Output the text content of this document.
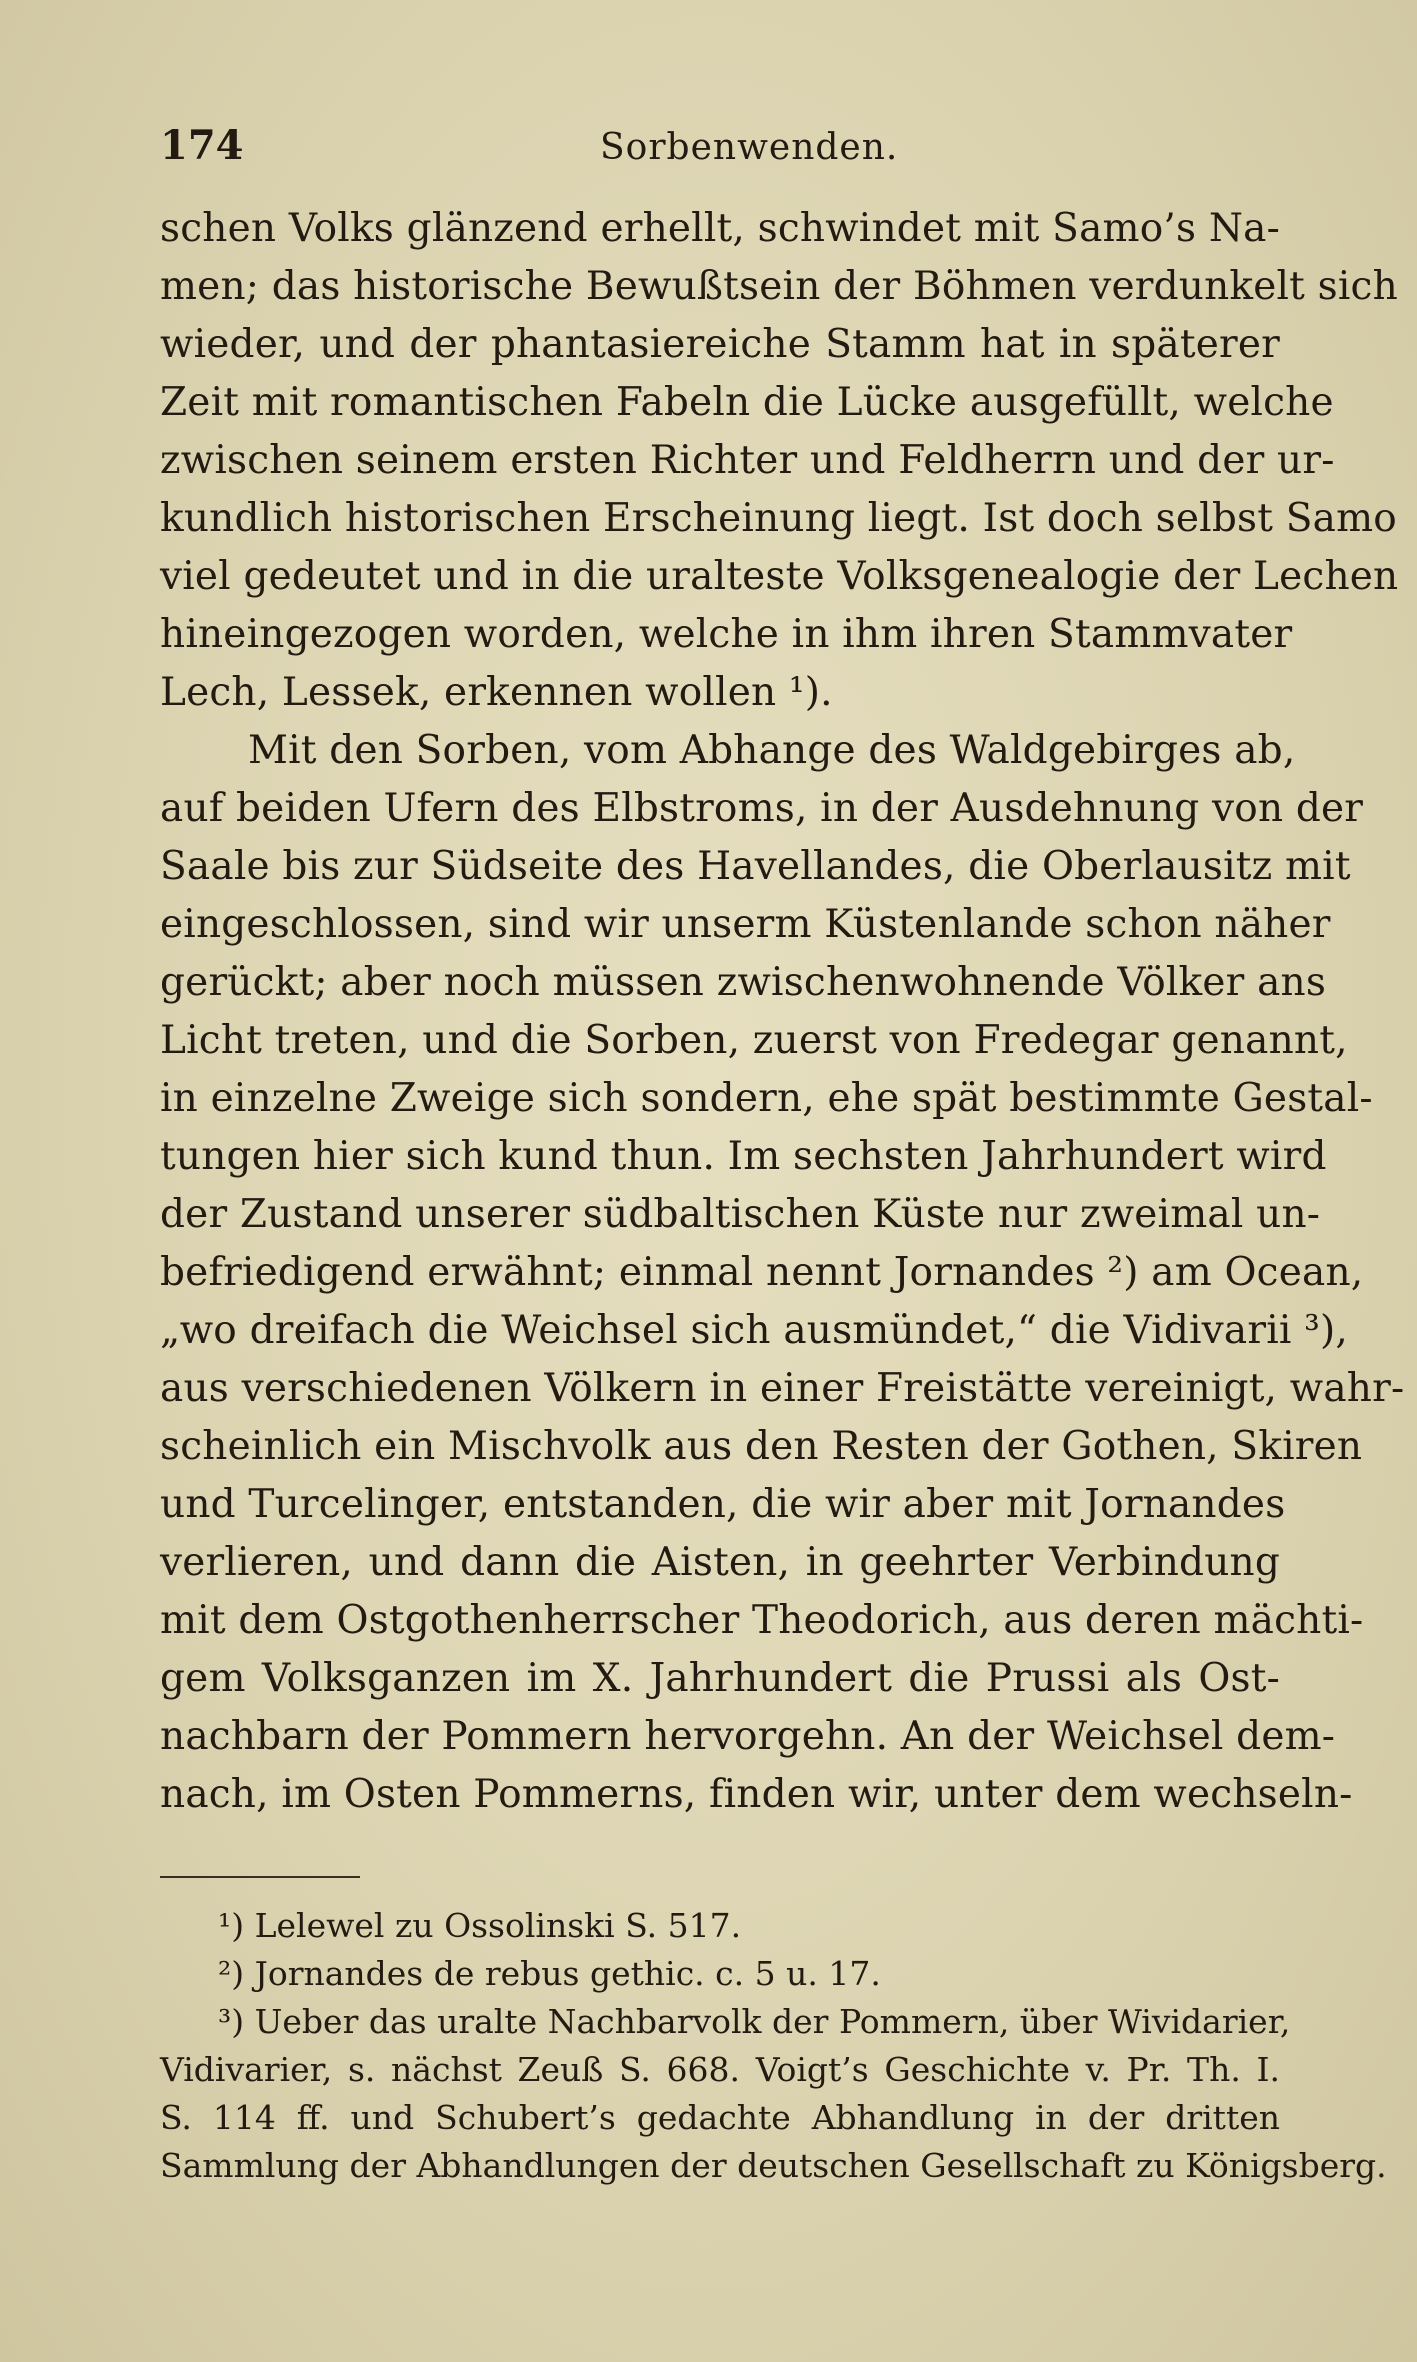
174	Sorbenwenden.
schen Volks glänzend erhellt, schwindet mit Samo’s Na-
men; das historische Bewußtsein der Böhmen verdunkelt sich
wieder, und der phantasiereiche Stamm hat in späterer
Zeit mit romantischen Fabeln die Lücke ausgefüllt, welche
zwischen seinem ersten Richter und Feldherrn und der ur-
kundlich historischen Erscheinung liegt. Ist doch selbst Samo
viel gedeutet und in die uralteste Volksgenealogie der Lechen
hineingezogen worden, welche in ihm ihren Stammvater
Lech, Lessek, erkennen wollen ¹).
Mit den Sorben, vom Abhange des Waldgebirges ab,
auf beiden Ufern des Elbstroms, in der Ausdehnung von der
Saale bis zur Südseite des Havellandes, die Oberlausitz mit
eingeschlossen, sind wir unserm Küstenlande schon näher
gerückt; aber noch müssen zwischenwohnende Völker ans
Licht treten, und die Sorben, zuerst von Fredegar genannt,
in einzelne Zweige sich sondern, ehe spät bestimmte Gestal-
tungen hier sich kund thun. Im sechsten Jahrhundert wird
der Zustand unserer südbaltischen Küste nur zweimal un-
befriedigend erwähnt; einmal nennt Jornandes ²) am Ocean,
„wo dreifach die Weichsel sich ausmündet,“ die Vidivarii ³),
aus verschiedenen Völkern in einer Freistätte vereinigt, wahr-
scheinlich ein Mischvolk aus den Resten der Gothen, Skiren
und Turcelinger, entstanden, die wir aber mit Jornandes
verlieren, und dann die Aisten, in geehrter Verbindung
mit dem Ostgothenherrscher Theodorich, aus deren mächti-
gem Volksganzen im X. Jahrhundert die Prussi als Ost-
nachbarn der Pommern hervorgehn. An der Weichsel dem-
nach, im Osten Pommerns, finden wir, unter dem wechseln-
¹) Lelewel zu Ossolinski S. 517.
²) Jornandes de rebus gethic. c. 5 u. 17.
³) Ueber das uralte Nachbarvolk der Pommern, über Wividarier,
Vidivarier, s. nächst Zeuß S. 668. Voigt’s Geschichte v. Pr. Th. I.
S. 114 ff. und Schubert’s gedachte Abhandlung in der dritten
Sammlung der Abhandlungen der deutschen Gesellschaft zu Königsberg.
